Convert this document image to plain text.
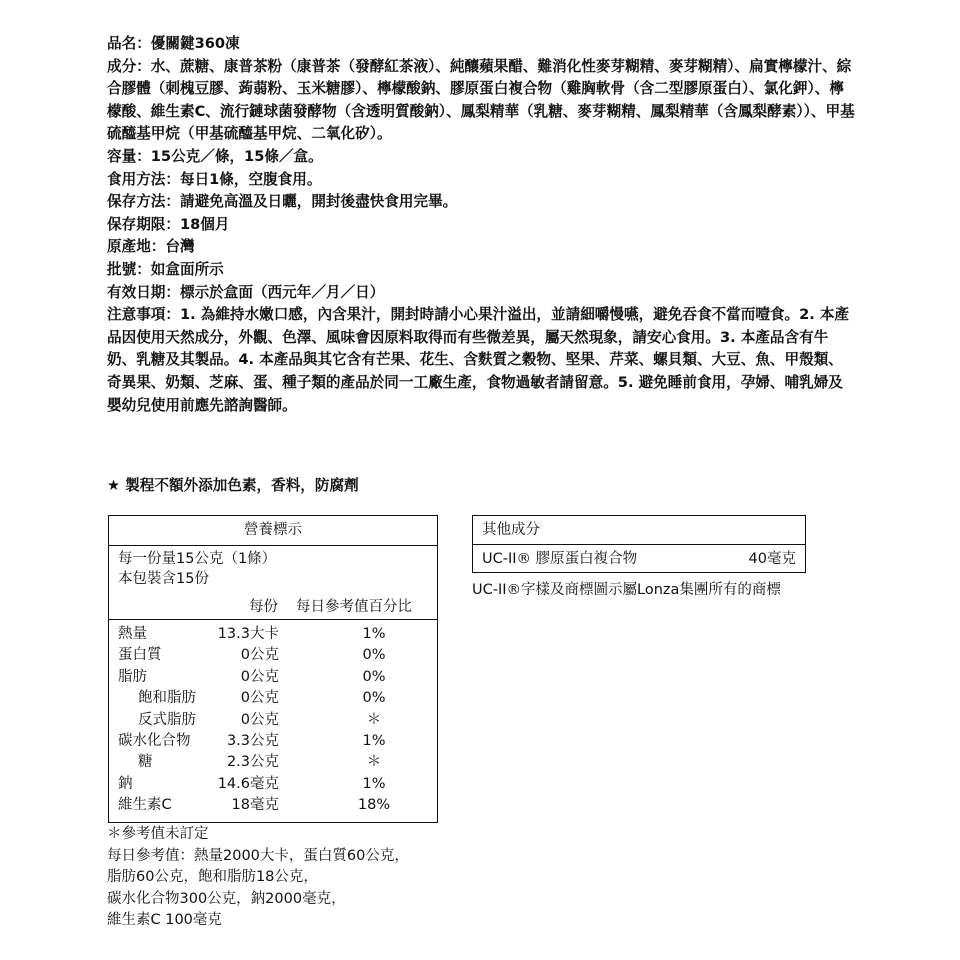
品名：優關鍵360凍

成分：水、蔗糖、康普茶粉（康普茶（發酵紅茶液）、純釀蘋果醋、難消化性麥芽糊精、麥芽糊精）、扁實檸檬汁、綜合膠體（刺槐豆膠、蒟蒻粉、玉米糖膠）、檸檬酸鈉、膠原蛋白複合物（雞胸軟骨（含二型膠原蛋白）、氯化鉀）、檸檬酸、維生素C、流行鏈球菌發酵物（含透明質酸鈉）、鳳梨精華（乳糖、麥芽糊精、鳳梨精華（含鳳梨酵素））、甲基硫醯基甲烷（甲基硫醯基甲烷、二氧化矽）。

容量：15公克／條，15條／盒。

食用方法：每日1條，空腹食用。

保存方法：請避免高溫及日曬，開封後盡快食用完畢。

保存期限：18個月

原產地：台灣

批號：如盒面所示

有效日期：標示於盒面（西元年／月／日）

注意事項：1. 為維持水嫩口感，內含果汁，開封時請小心果汁溢出，並請細嚼慢嚥，避免吞食不當而噎食。2. 本產品因使用天然成分，外觀、色澤、風味會因原料取得而有些微差異，屬天然現象，請安心食用。3. 本產品含有牛奶、乳糖及其製品。4. 本產品與其它含有芒果、花生、含麩質之穀物、堅果、芹菜、螺貝類、大豆、魚、甲殼類、奇異果、奶類、芝麻、蛋、種子類的產品於同一工廠生產，食物過敏者請留意。5. 避免睡前食用，孕婦、哺乳婦及嬰幼兒使用前應先諮詢醫師。

★ 製程不額外添加色素，香料，防腐劑
營養標示
每一份量15公克（1條）
本包裝含15份
每份 每日參考值百分比
熱量	13.3大卡	1%
蛋白質	0公克	0%
脂肪	0公克	0%
飽和脂肪	0公克	0%
反式脂肪	0公克	＊
碳水化合物	3.3公克	1%
糖	2.3公克	＊
鈉	14.6毫克	1%
維生素C	18毫克	18%

＊參考值未訂定

每日參考值：熱量2000大卡，蛋白質60公克，

脂肪60公克，飽和脂肪18公克，

碳水化合物300公克，鈉2000毫克，

維生素C 100毫克

其他成分
UC-II® 膠原蛋白複合物	40毫克
UC-II®字樣及商標圖示屬Lonza集團所有的商標
